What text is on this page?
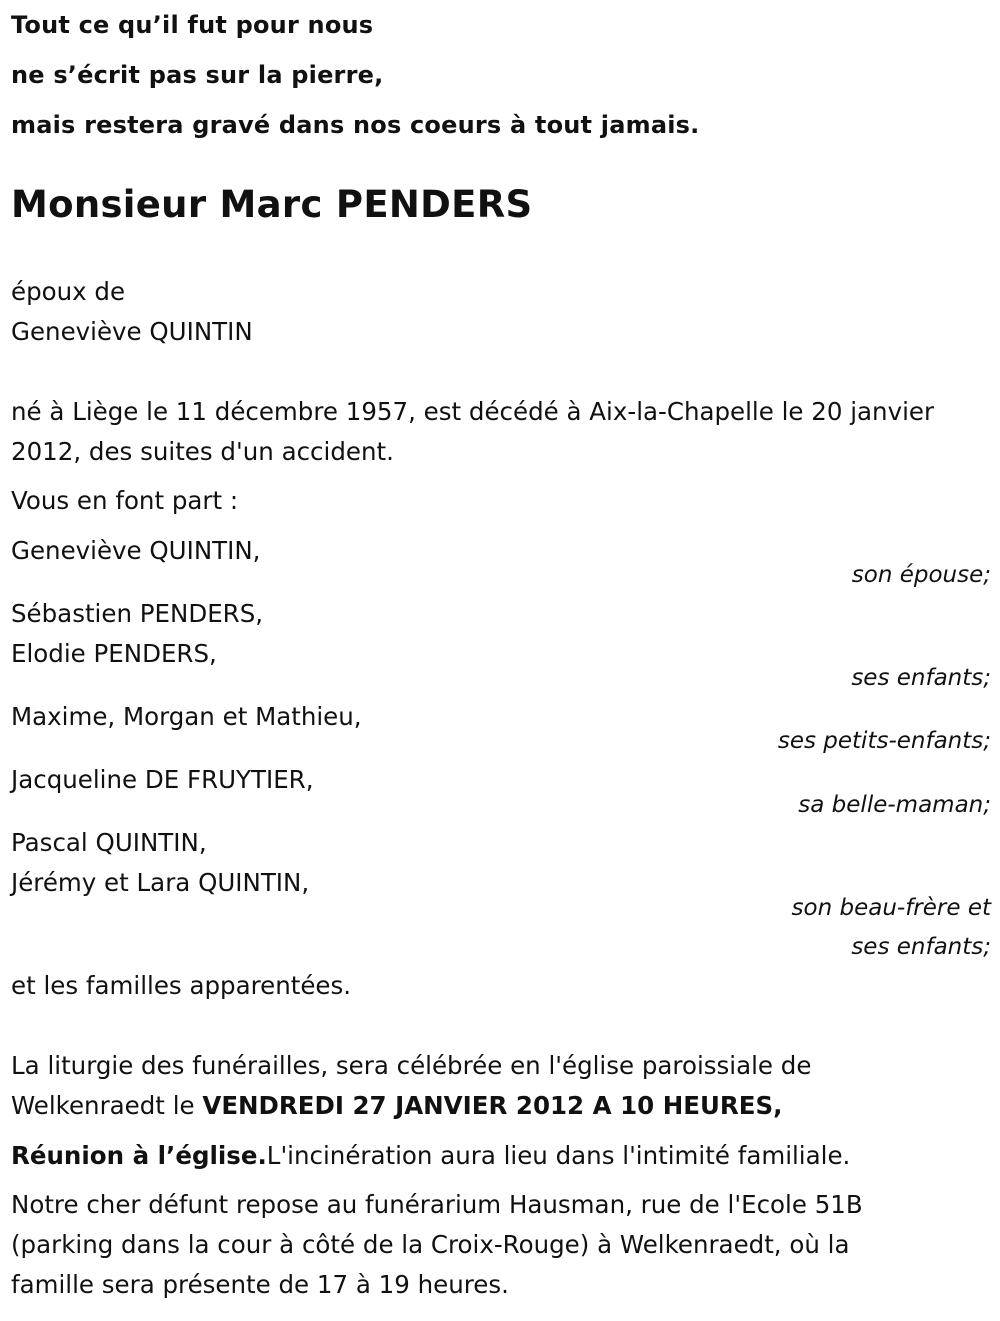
Tout ce qu’il fut pour nous
ne s’écrit pas sur la pierre,
mais restera gravé dans nos coeurs à tout jamais.
Monsieur Marc PENDERS
époux de
Geneviève QUINTIN
né à Liège le 11 décembre 1957, est décédé à Aix-la-Chapelle le 20 janvier
2012, des suites d'un accident.
Vous en font part :
Geneviève QUINTIN,
son épouse;
Sébastien PENDERS,
Elodie PENDERS,
ses enfants;
Maxime, Morgan et Mathieu,
ses petits-enfants;
Jacqueline DE FRUYTIER,
sa belle-maman;
Pascal QUINTIN,
Jérémy et Lara QUINTIN,
son beau-frère et
ses enfants;
et les familles apparentées.
La liturgie des funérailles, sera célébrée en l'église paroissiale de
Welkenraedt le VENDREDI 27 JANVIER 2012 A 10 HEURES,
Réunion à l’église.L'incinération aura lieu dans l'intimité familiale.
Notre cher défunt repose au funérarium Hausman, rue de l'Ecole 51B
(parking dans la cour à côté de la Croix-Rouge) à Welkenraedt, où la
famille sera présente de 17 à 19 heures.
